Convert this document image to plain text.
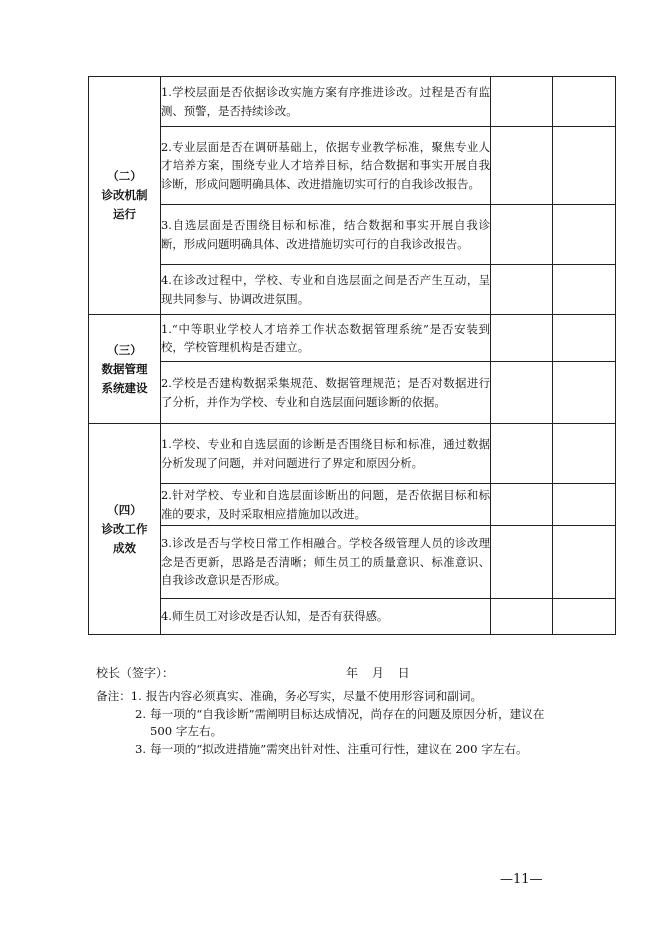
（二）
诊改机制运行	1.学校层面是否依据诊改实施方案有序推进诊改。过程是否有监测、预警，是否持续诊改。		
	2.专业层面是否在调研基础上，依据专业教学标准，聚焦专业人才培养方案，围绕专业人才培养目标，结合数据和事实开展自我诊断，形成问题明确具体、改进措施切实可行的自我诊改报告。		
	3.自选层面是否围绕目标和标准，结合数据和事实开展自我诊断，形成问题明确具体、改进措施切实可行的自我诊改报告。		
	4.在诊改过程中，学校、专业和自选层面之间是否产生互动，呈现共同参与、协调改进氛围。		

（三）
数据管理系统建设	1.“中等职业学校人才培养工作状态数据管理系统”是否安装到校，学校管理机构是否建立。		
	2.学校是否建构数据采集规范、数据管理规范；是否对数据进行了分析，并作为学校、专业和自选层面问题诊断的依据。		

（四）
诊改工作成效	1.学校、专业和自选层面的诊断是否围绕目标和标准，通过数据分析发现了问题，并对问题进行了界定和原因分析。		
	2.针对学校、专业和自选层面诊断出的问题，是否依据目标和标准的要求，及时采取相应措施加以改进。		
	3.诊改是否与学校日常工作相融合。学校各级管理人员的诊改理念是否更新，思路是否清晰；师生员工的质量意识、标准意识、自我诊改意识是否形成。		
	4.师生员工对诊改是否认知，是否有获得感。		
校长（签字）：	年 月 日
备注：1. 报告内容必须真实、准确，务必写实，尽量不使用形容词和副词。
2. 每一项的“自我诊断”需阐明目标达成情况，尚存在的问题及原因分析，建议在 500 字左右。
3. 每一项的“拟改进措施”需突出针对性、注重可行性，建议在 200 字左右。
—11—
